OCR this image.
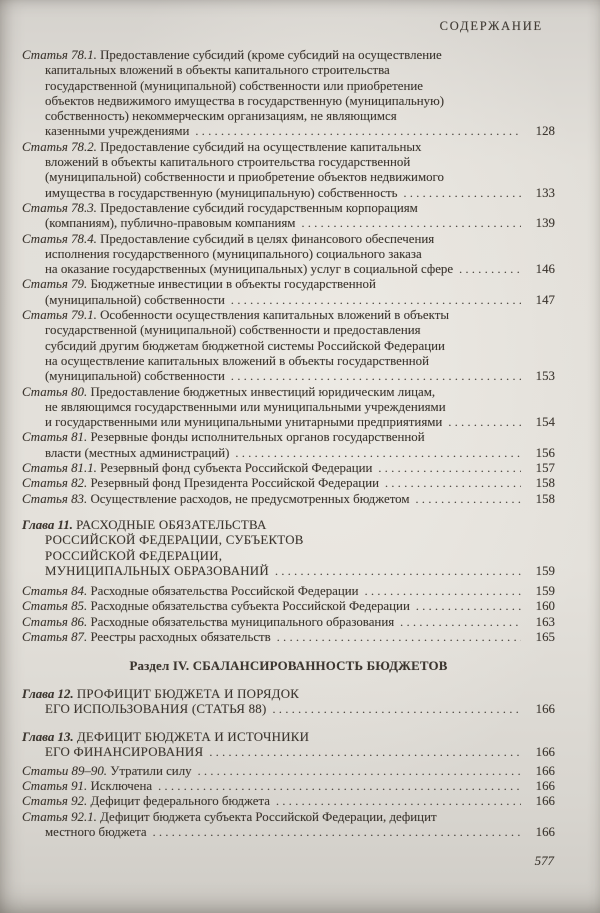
СОДЕРЖАНИЕ
Статья 78.1. Предоставление субсидий (кроме субсидий на осуществление
капитальных вложений в объекты капитального строительства
государственной (муниципальной) собственности или приобретение
объектов недвижимого имущества в государственную (муниципальную)
собственность) некоммерческим организациям, не являющимся
казенными учреждениями .....	128
Статья 78.2. Предоставление субсидий на осуществление капитальных
вложений в объекты капитального строительства государственной
(муниципальной) собственности и приобретение объектов недвижимого
имущества в государственную (муниципальную) собственность .....	133
Статья 78.3. Предоставление субсидий государственным корпорациям
(компаниям), публично-правовым компаниям .....	139
Статья 78.4. Предоставление субсидий в целях финансового обеспечения
исполнения государственного (муниципального) социального заказа
на оказание государственных (муниципальных) услуг в социальной сфере .....	146
Статья 79. Бюджетные инвестиции в объекты государственной
(муниципальной) собственности .....	147
Статья 79.1. Особенности осуществления капитальных вложений в объекты
государственной (муниципальной) собственности и предоставления
субсидий другим бюджетам бюджетной системы Российской Федерации
на осуществление капитальных вложений в объекты государственной
(муниципальной) собственности .....	153
Статья 80. Предоставление бюджетных инвестиций юридическим лицам,
не являющимся государственными или муниципальными учреждениями
и государственными или муниципальными унитарными предприятиями .....	154
Статья 81. Резервные фонды исполнительных органов государственной
власти (местных администраций) .....	156
Статья 81.1. Резервный фонд субъекта Российской Федерации .....	157
Статья 82. Резервный фонд Президента Российской Федерации .....	158
Статья 83. Осуществление расходов, не предусмотренных бюджетом .....	158
Глава 11. РАСХОДНЫЕ ОБЯЗАТЕЛЬСТВА
РОССИЙСКОЙ ФЕДЕРАЦИИ, СУБЪЕКТОВ
РОССИЙСКОЙ ФЕДЕРАЦИИ,
МУНИЦИПАЛЬНЫХ ОБРАЗОВАНИЙ .....	159
Статья 84. Расходные обязательства Российской Федерации .....	159
Статья 85. Расходные обязательства субъекта Российской Федерации .....	160
Статья 86. Расходные обязательства муниципального образования .....	163
Статья 87. Реестры расходных обязательств .....	165
Раздел IV. СБАЛАНСИРОВАННОСТЬ БЮДЖЕТОВ
Глава 12. ПРОФИЦИТ БЮДЖЕТА И ПОРЯДОК
ЕГО ИСПОЛЬЗОВАНИЯ (СТАТЬЯ 88) .....	166
Глава 13. ДЕФИЦИТ БЮДЖЕТА И ИСТОЧНИКИ
ЕГО ФИНАНСИРОВАНИЯ .....	166
Статьи 89–90. Утратили силу .....	166
Статья 91. Исключена .....	166
Статья 92. Дефицит федерального бюджета .....	166
Статья 92.1. Дефицит бюджета субъекта Российской Федерации, дефицит
местного бюджета .....	166
577
